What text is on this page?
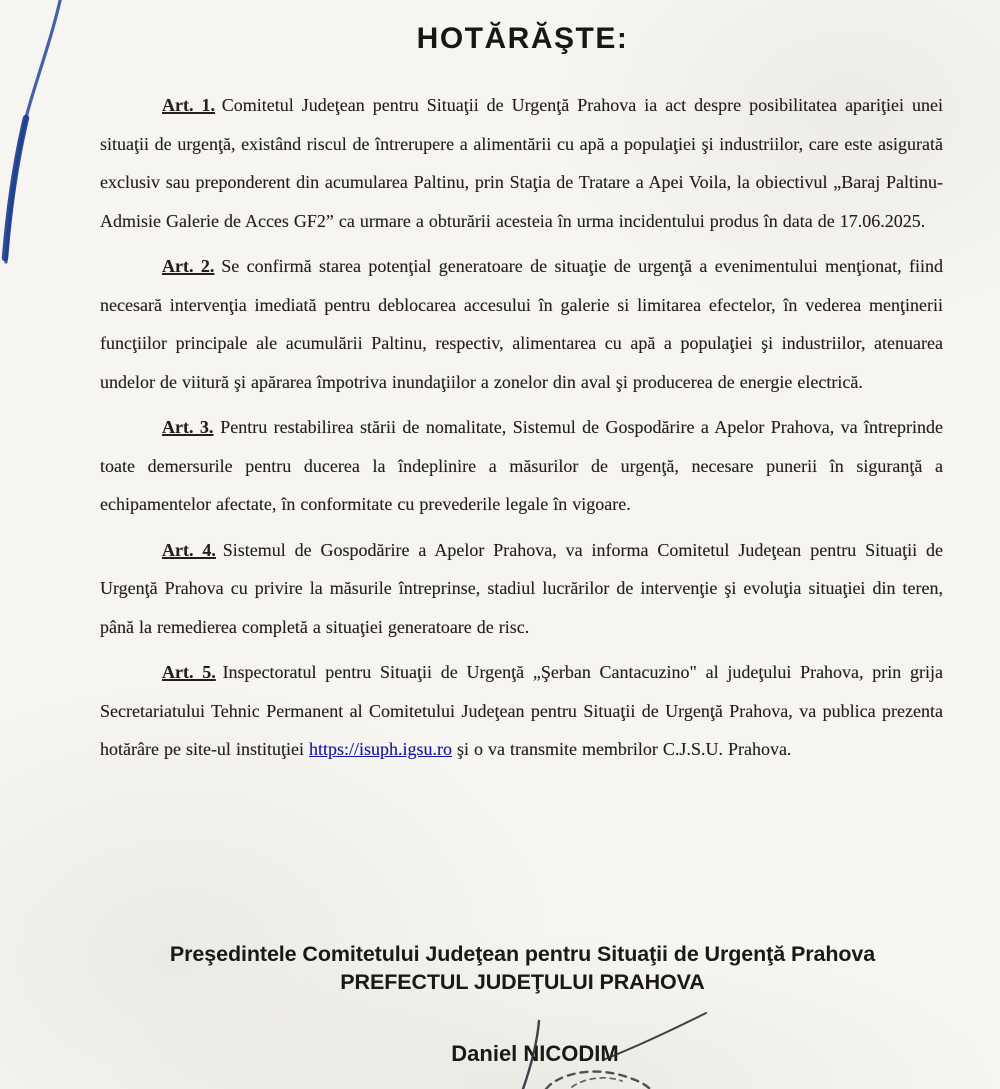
HOTĂRĂŞTE:

Art. 1. Comitetul Judeţean pentru Situaţii de Urgenţă Prahova ia act despre posibilitatea apariţiei unei situaţii de urgenţă, existând riscul de întrerupere a alimentării cu apă a populaţiei şi industriilor, care este asigurată exclusiv sau preponderent din acumularea Paltinu, prin Staţia de Tratare a Apei Voila, la obiectivul „Baraj Paltinu- Admisie Galerie de Acces GF2” ca urmare a obturării acesteia în urma incidentului produs în data de 17.06.2025.

Art. 2. Se confirmă starea potenţial generatoare de situaţie de urgenţă a evenimentului menţionat, fiind necesară intervenţia imediată pentru deblocarea accesului în galerie si limitarea efectelor, în vederea menţinerii funcţiilor principale ale acumulării Paltinu, respectiv, alimentarea cu apă a populaţiei şi industriilor, atenuarea undelor de viitură şi apărarea împotriva inundaţiilor a zonelor din aval şi producerea de energie electrică.

Art. 3. Pentru restabilirea stării de nomalitate, Sistemul de Gospodărire a Apelor Prahova, va întreprinde toate demersurile pentru ducerea la îndeplinire a măsurilor de urgenţă, necesare punerii în siguranţă a echipamentelor afectate, în conformitate cu prevederile legale în vigoare.

Art. 4. Sistemul de Gospodărire a Apelor Prahova, va informa Comitetul Judeţean pentru Situaţii de Urgenţă Prahova cu privire la măsurile întreprinse, stadiul lucrărilor de intervenţie şi evoluţia situaţiei din teren, până la remedierea completă a situaţiei generatoare de risc.

Art. 5. Inspectoratul pentru Situaţii de Urgenţă „Şerban Cantacuzino" al judeţului Prahova, prin grija Secretariatului Tehnic Permanent al Comitetului Judeţean pentru Situaţii de Urgenţă Prahova, va publica prezenta hotărâre pe site-ul instituţiei https://isuph.igsu.ro şi o va transmite membrilor C.J.S.U. Prahova.

Preşedintele Comitetului Judeţean pentru Situaţii de Urgenţă Prahova
PREFECTUL JUDEŢULUI PRAHOVA
Daniel NICODIM
